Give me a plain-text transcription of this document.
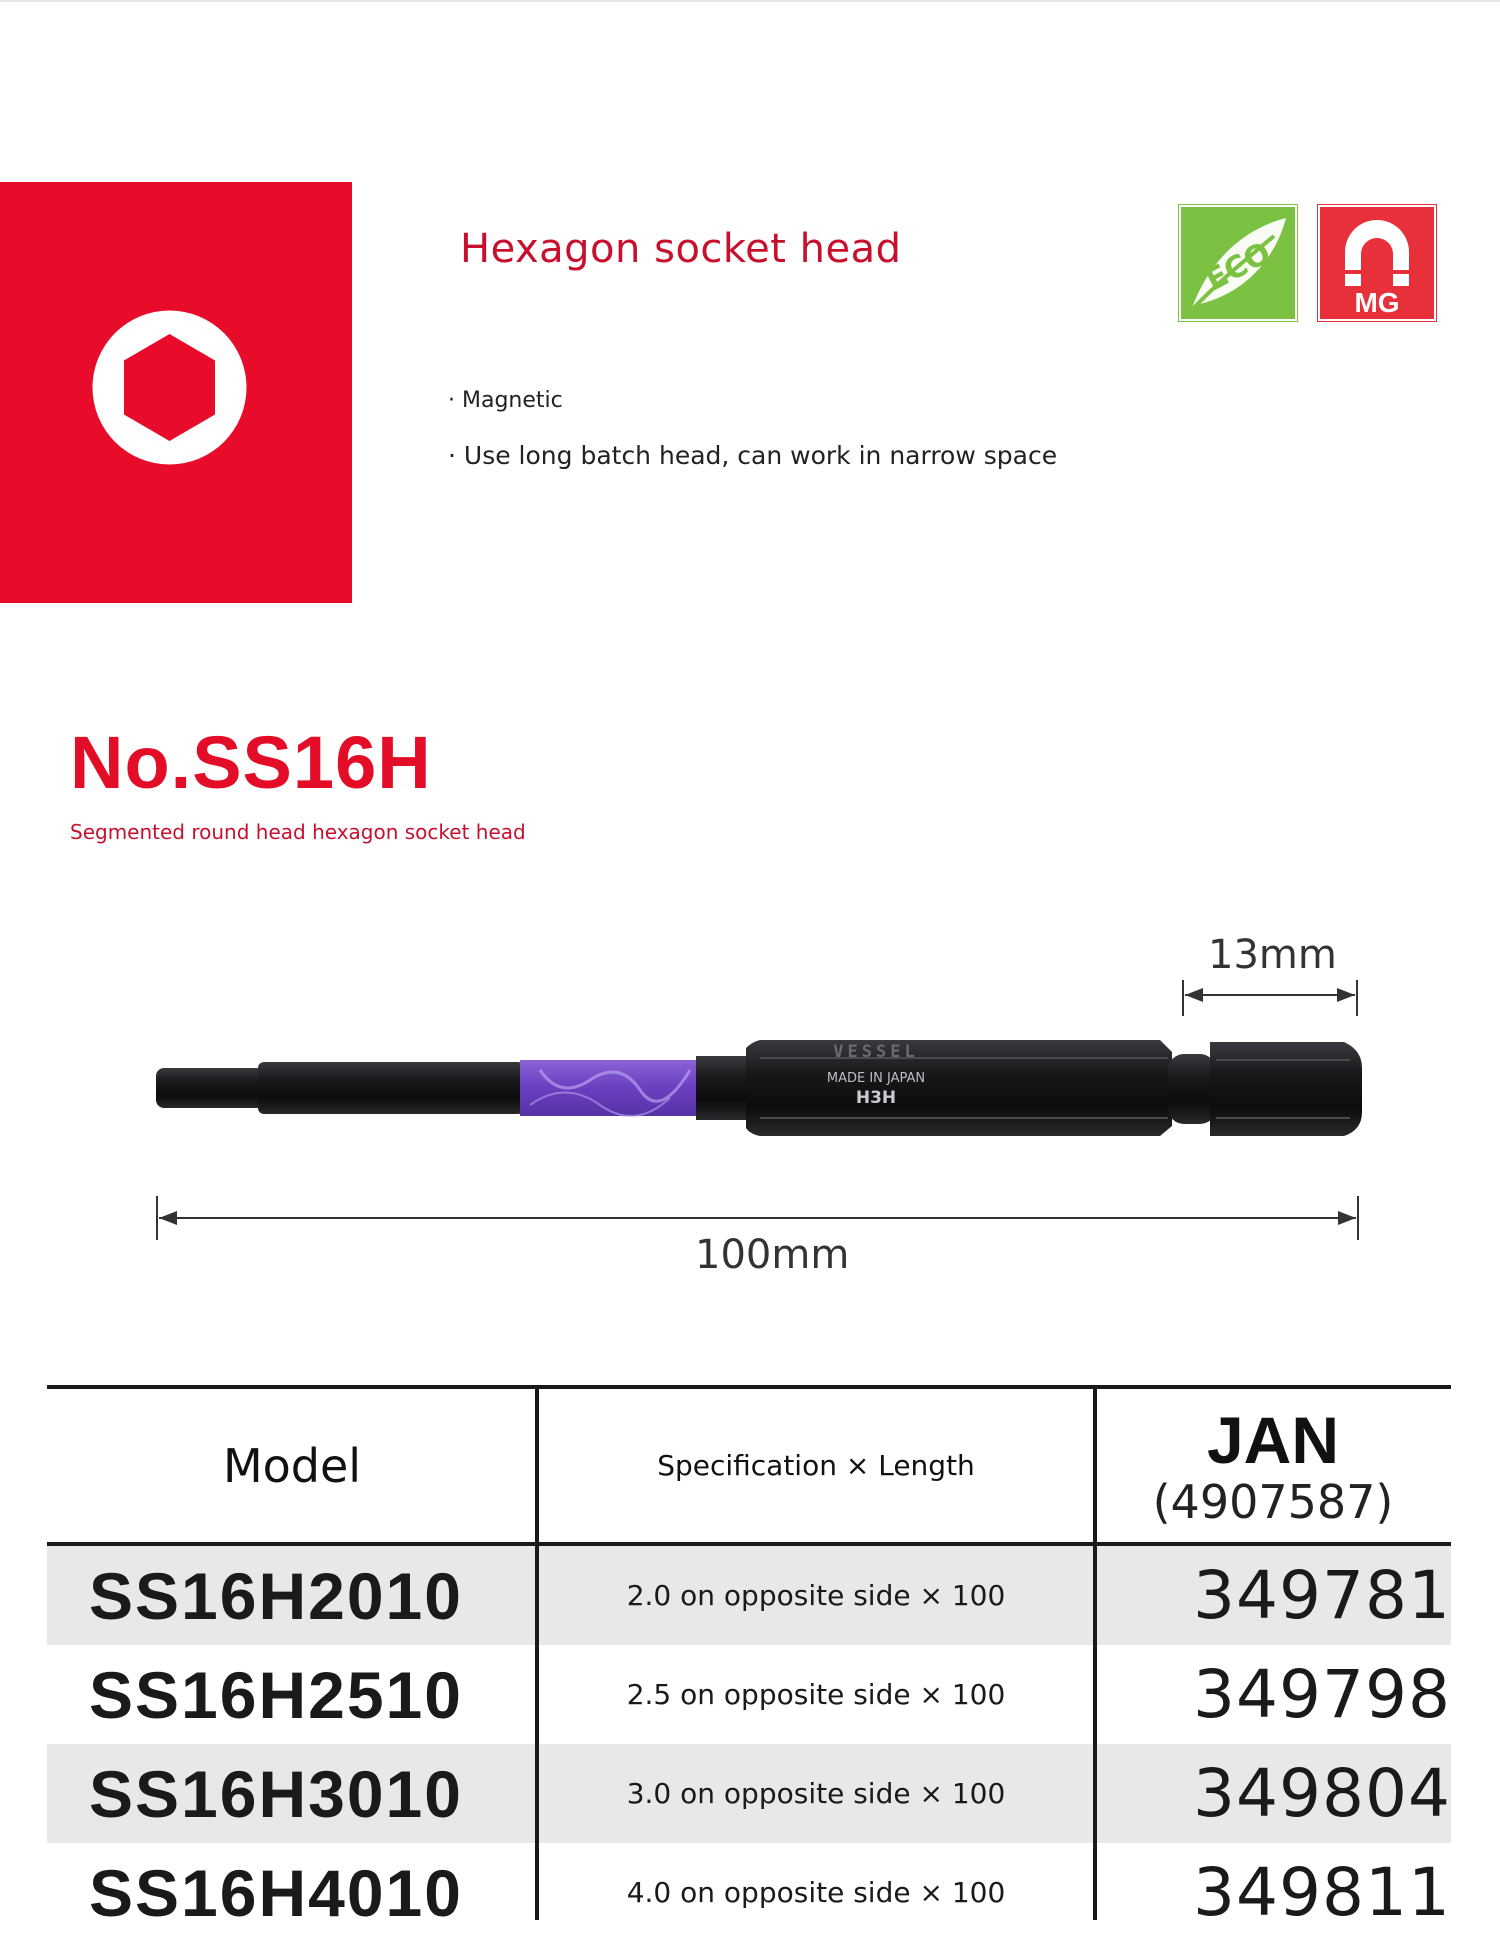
Hexagon socket head
· Magnetic
· Use long batch head, can work in narrow space
ECO
MG
No.SS16H
Segmented round head hexagon socket head
VESSEL
MADE IN JAPAN
H3H
13mm
100mm
Model	Specification × Length	JAN
(4907587)
SS16H2010	2.0 on opposite side × 100	349781
SS16H2510	2.5 on opposite side × 100	349798
SS16H3010	3.0 on opposite side × 100	349804
SS16H4010	4.0 on opposite side × 100	349811
